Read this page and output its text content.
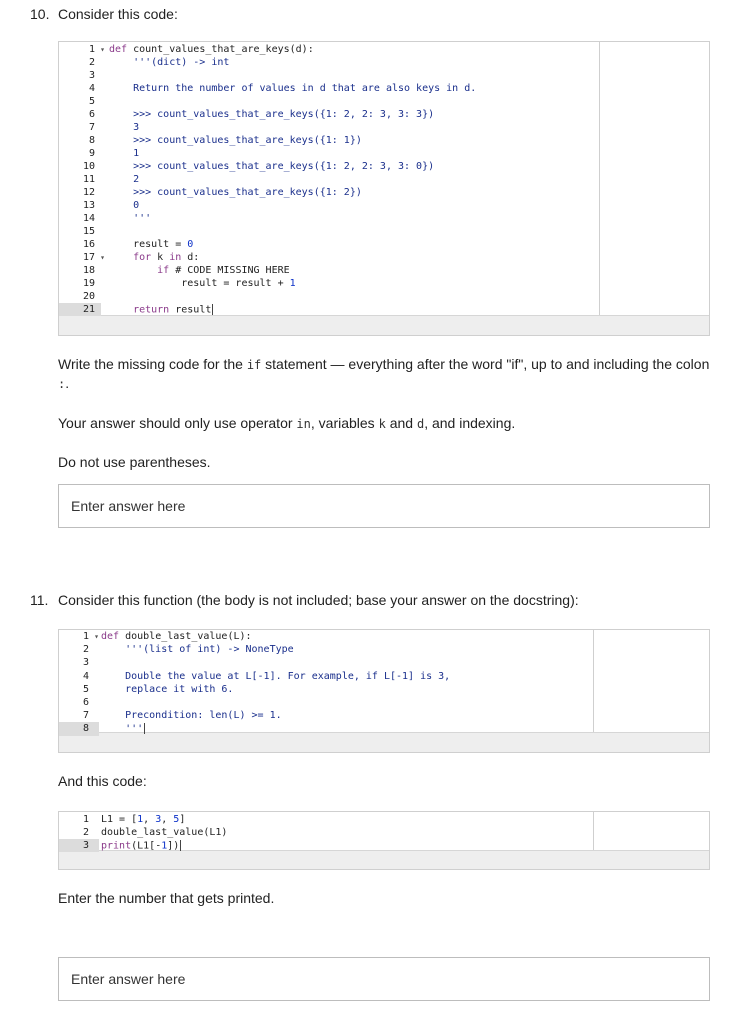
10. Consider this code:
1 ▾ def count_values_that_are_keys(d):
2 '''(dict) -> int
3
4 Return the number of values in d that are also keys in d.
5
6 >>> count_values_that_are_keys({1: 2, 2: 3, 3: 3})
7 3
8 >>> count_values_that_are_keys({1: 1})
9 1
10 >>> count_values_that_are_keys({1: 2, 2: 3, 3: 0})
11 2
12 >>> count_values_that_are_keys({1: 2})
13 0
14 '''
15
16 result = 0
17 ▾ for k in d:
18 if # CODE MISSING HERE
19 result = result + 1
20
21 return result
Write the missing code for the if statement — everything after the word "if", up to and including the colon
:.
Your answer should only use operator in, variables k and d, and indexing.
Do not use parentheses.
Enter answer here
11. Consider this function (the body is not included; base your answer on the docstring):
1 ▾ def double_last_value(L):
2 '''(list of int) -> NoneType
3
4 Double the value at L[-1]. For example, if L[-1] is 3,
5 replace it with 6.
6
7 Precondition: len(L) >= 1.
8 '''
And this code:
1 L1 = [1, 3, 5]
2 double_last_value(L1)
3 print(L1[-1])
Enter the number that gets printed.
Enter answer here
